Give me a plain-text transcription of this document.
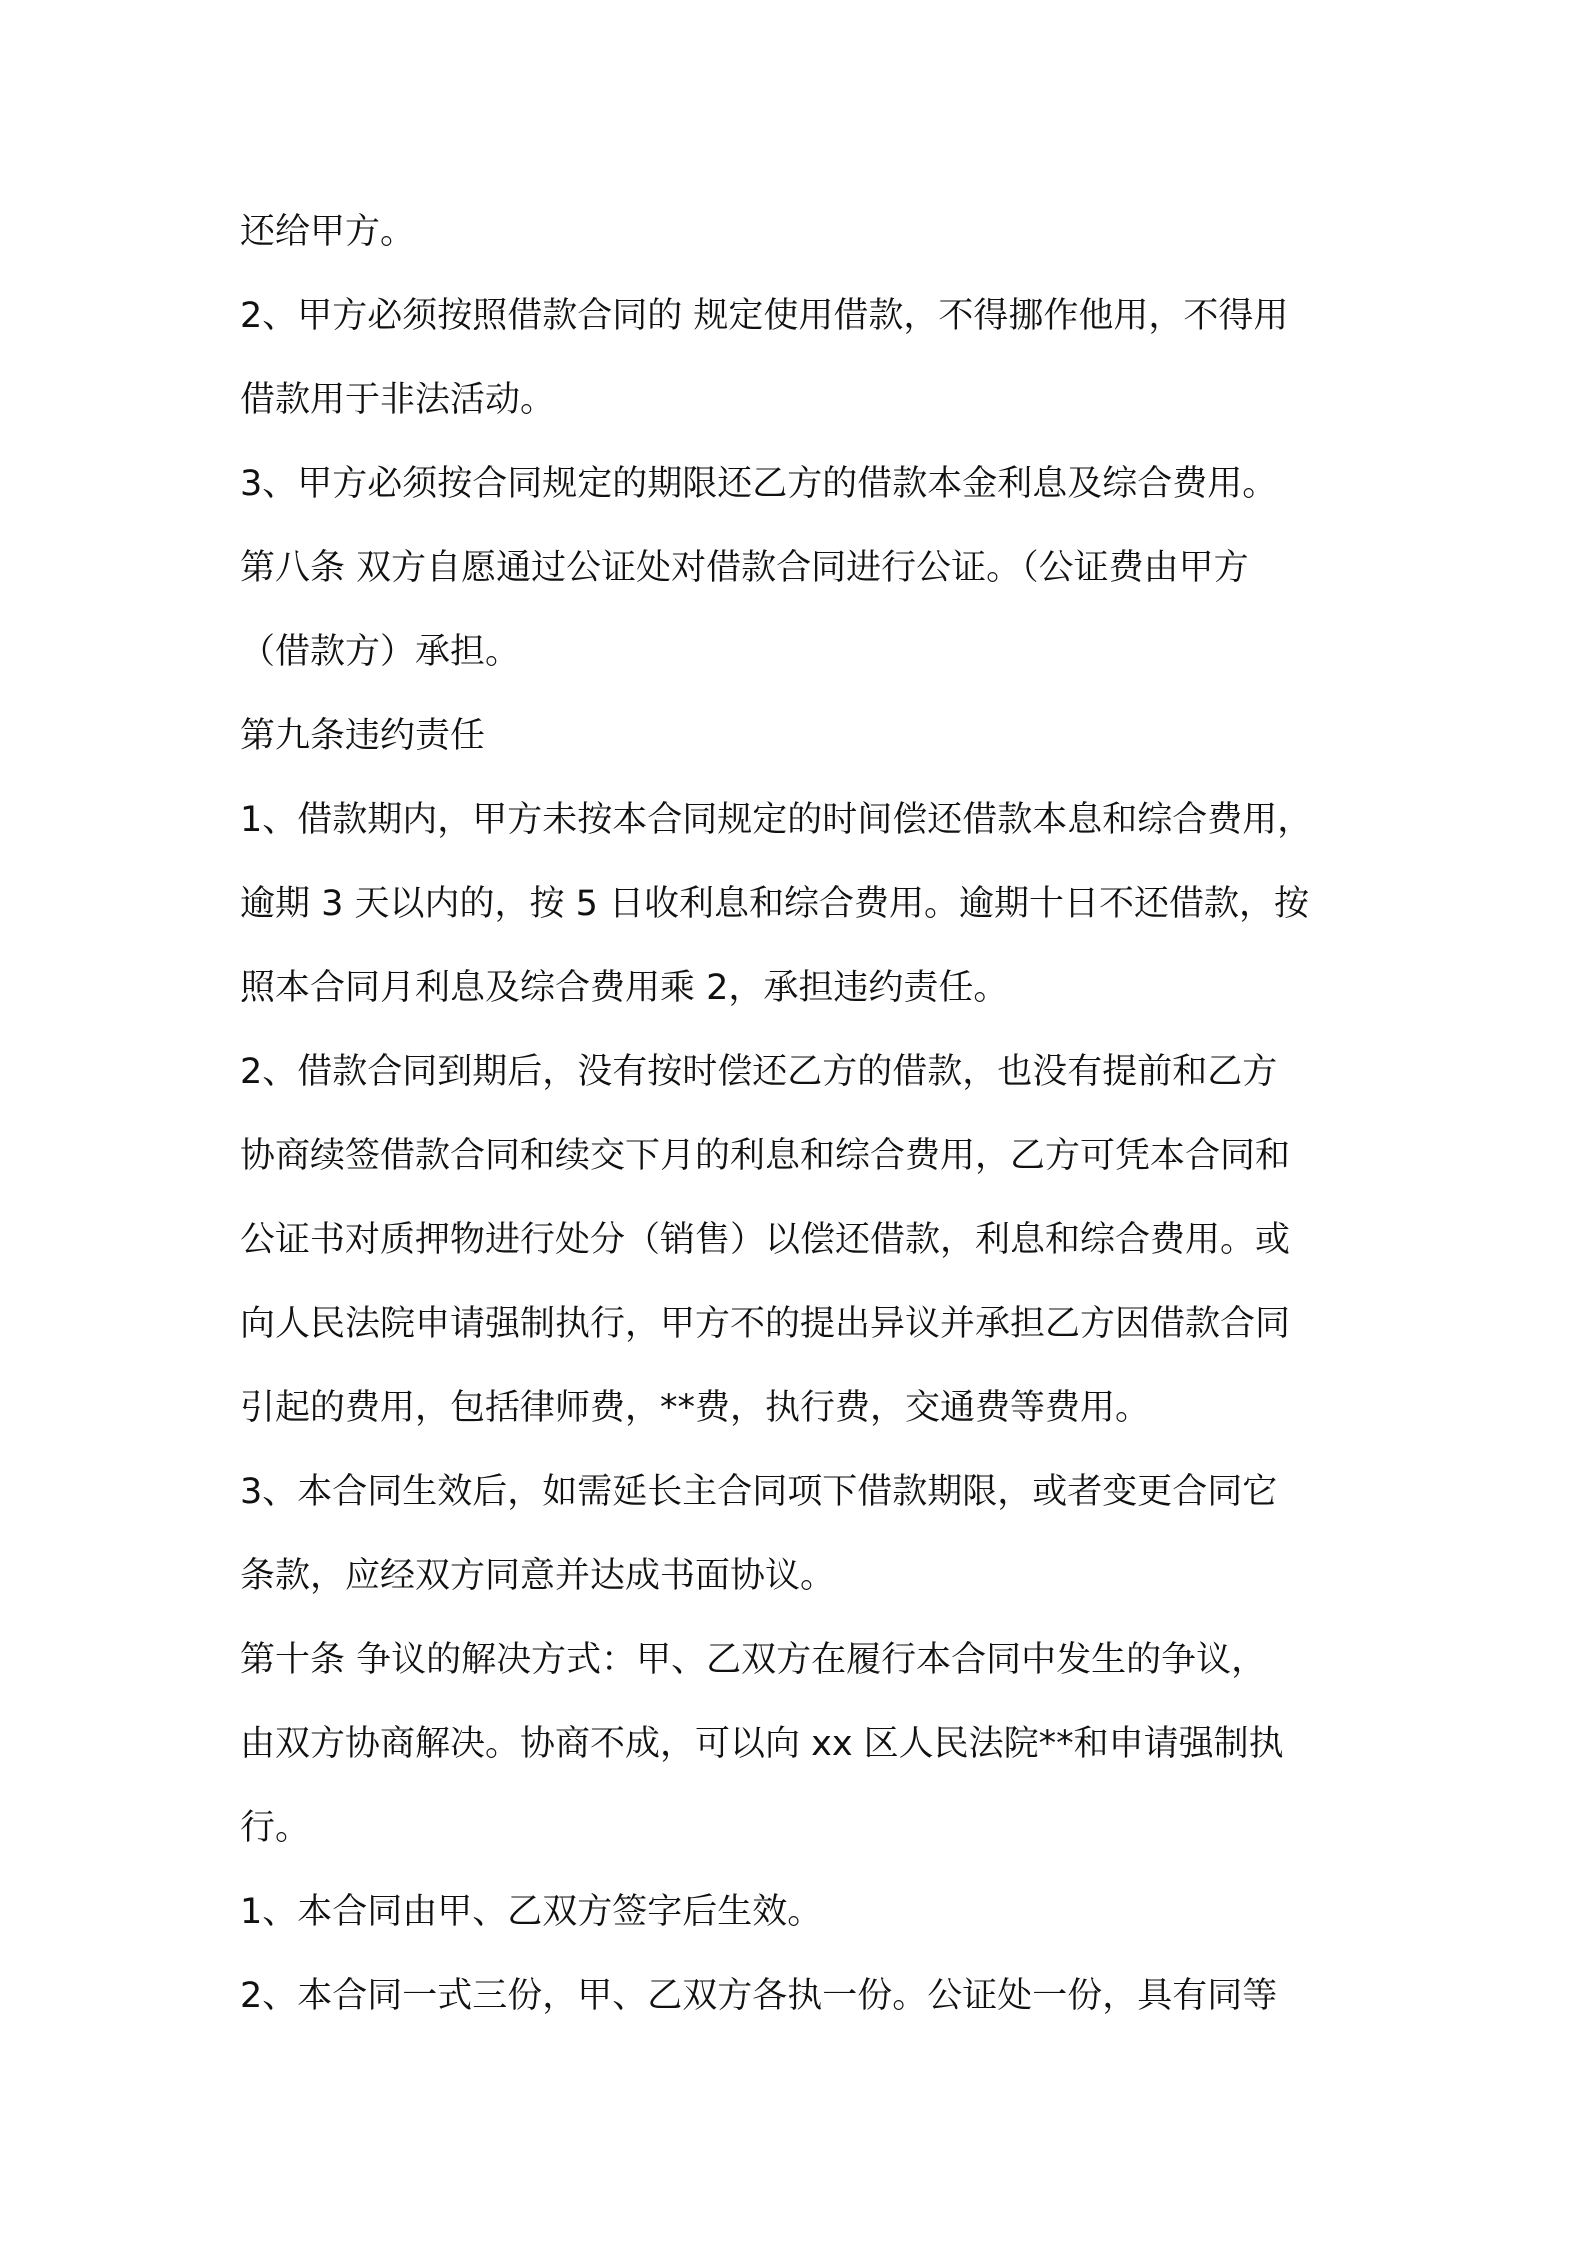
还给甲方。

2、甲方必须按照借款合同的 规定使用借款，不得挪作他用，不得用

借款用于非法活动。

3、甲方必须按合同规定的期限还乙方的借款本金利息及综合费用。

第八条 双方自愿通过公证处对借款合同进行公证。（公证费由甲方

（借款方）承担。

第九条违约责任

1、借款期内，甲方未按本合同规定的时间偿还借款本息和综合费用，

逾期 3 天以内的，按 5 日收利息和综合费用。逾期十日不还借款，按

照本合同月利息及综合费用乘 2，承担违约责任。

2、借款合同到期后，没有按时偿还乙方的借款，也没有提前和乙方

协商续签借款合同和续交下月的利息和综合费用，乙方可凭本合同和

公证书对质押物进行处分（销售）以偿还借款，利息和综合费用。或

向人民法院申请强制执行，甲方不的提出异议并承担乙方因借款合同

引起的费用，包括律师费，**费，执行费，交通费等费用。

3、本合同生效后，如需延长主合同项下借款期限，或者变更合同它

条款，应经双方同意并达成书面协议。

第十条 争议的解决方式：甲、乙双方在履行本合同中发生的争议，

由双方协商解决。协商不成，可以向 xx 区人民法院**和申请强制执

行。

1、本合同由甲、乙双方签字后生效。

2、本合同一式三份，甲、乙双方各执一份。公证处一份，具有同等
